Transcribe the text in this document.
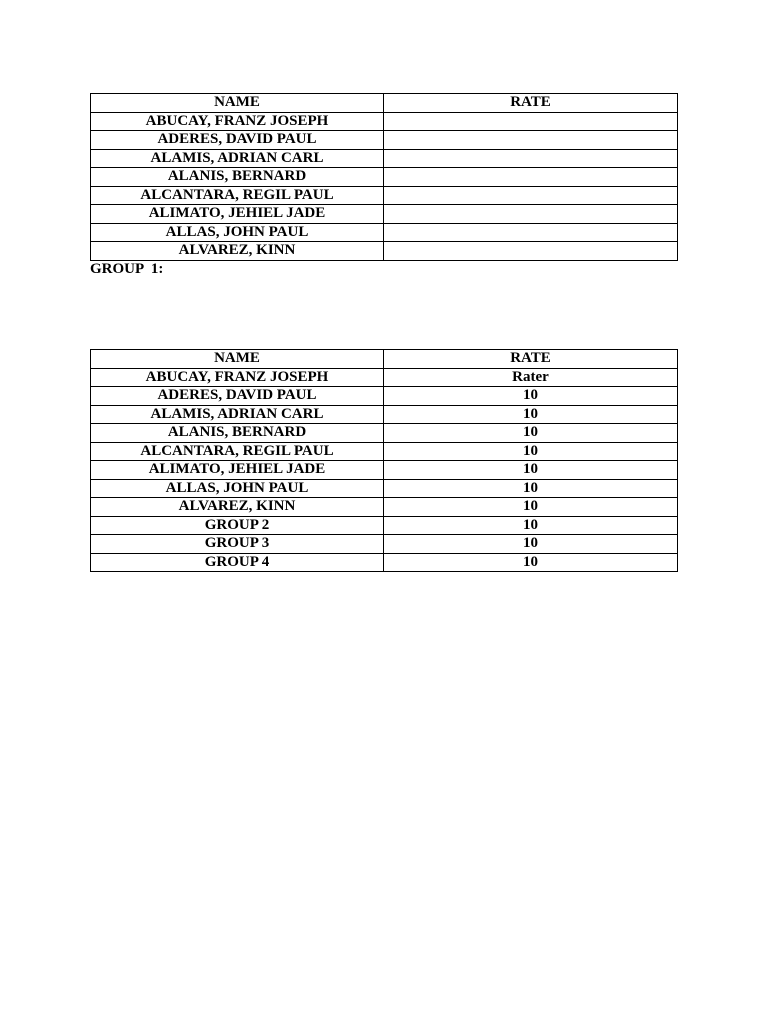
NAME	RATE
ABUCAY, FRANZ JOSEPH	
ADERES, DAVID PAUL	
ALAMIS, ADRIAN CARL	
ALANIS, BERNARD	
ALCANTARA, REGIL PAUL	
ALIMATO, JEHIEL JADE	
ALLAS, JOHN PAUL	
ALVAREZ, KINN	
GROUP  1:
NAME	RATE
ABUCAY, FRANZ JOSEPH	Rater
ADERES, DAVID PAUL	10
ALAMIS, ADRIAN CARL	10
ALANIS, BERNARD	10
ALCANTARA, REGIL PAUL	10
ALIMATO, JEHIEL JADE	10
ALLAS, JOHN PAUL	10
ALVAREZ, KINN	10
GROUP 2	10
GROUP 3	10
GROUP 4	10
